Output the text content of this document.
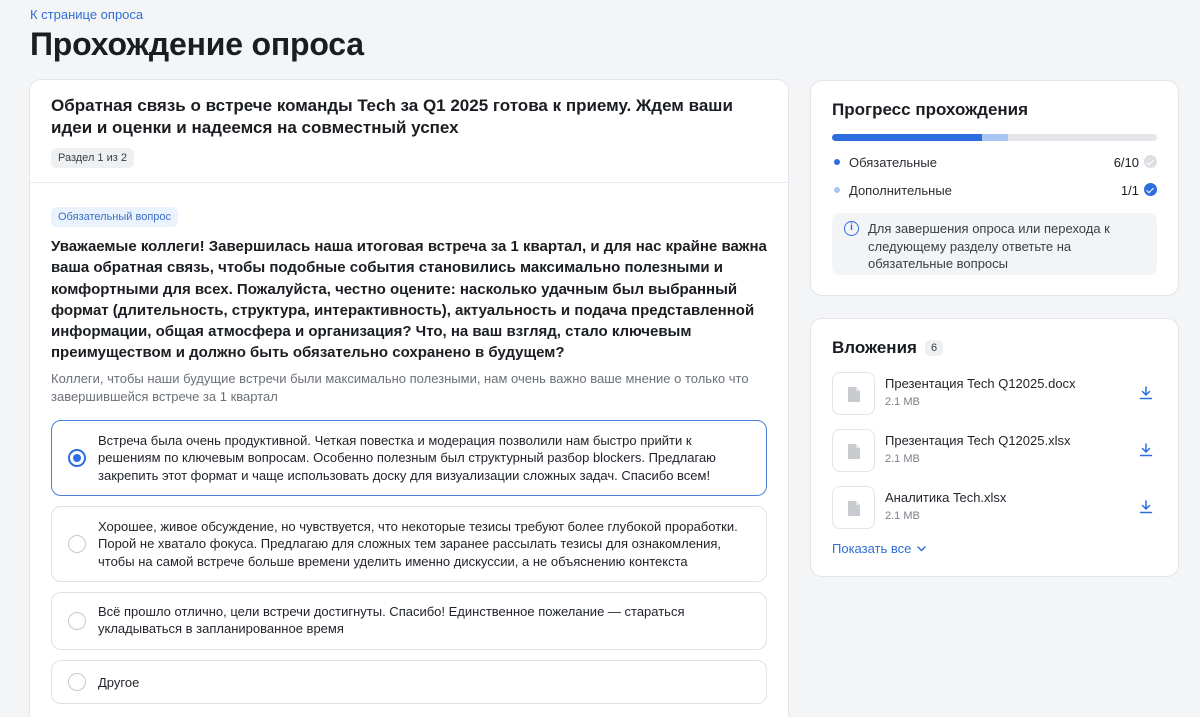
К странице опроса
Прохождение опроса
Обратная связь о встрече команды Tech за Q1 2025 готова к приему. Ждем ваши идеи и оценки и надеемся на совместный успех
Раздел 1 из 2
Обязательный вопрос
Уважаемые коллеги! Завершилась наша итоговая встреча за 1 квартал, и для нас крайне важна ваша обратная связь, чтобы подобные события становились максимально полезными и комфортными для всех. Пожалуйста, честно оцените: насколько удачным был выбранный формат (длительность, структура, интерактивность), актуальность и подача представленной информации, общая атмосфера и организация? Что, на ваш взгляд, стало ключевым преимуществом и должно быть обязательно сохранено в будущем?
Коллеги, чтобы наши будущие встречи были максимально полезными, нам очень важно ваше мнение о только что завершившейся встрече за 1 квартал
Встреча была очень продуктивной. Четкая повестка и модерация позволили нам быстро прийти к решениям по ключевым вопросам. Особенно полезным был структурный разбор blockers. Предлагаю закрепить этот формат и чаще использовать доску для визуализации сложных задач. Спасибо всем!
Хорошее, живое обсуждение, но чувствуется, что некоторые тезисы требуют более глубокой проработки. Порой не хватало фокуса. Предлагаю для сложных тем заранее рассылать тезисы для ознакомления, чтобы на самой встрече больше времени уделить именно дискуссии, а не объяснению контекста
Всё прошло отлично, цели встречи достигнуты. Спасибо! Единственное пожелание — стараться укладываться в запланированное время
Другое
Прогресс прохождения
Обязательные	6/10
Дополнительные	1/1
i	Для завершения опроса или перехода к следующему разделу ответьте на обязательные вопросы
Вложения	6
Презентация Tech Q12025.docx
2.1 MB
Презентация Tech Q12025.xlsx
2.1 MB
Аналитика Tech.xlsx
2.1 MB
Показать все
